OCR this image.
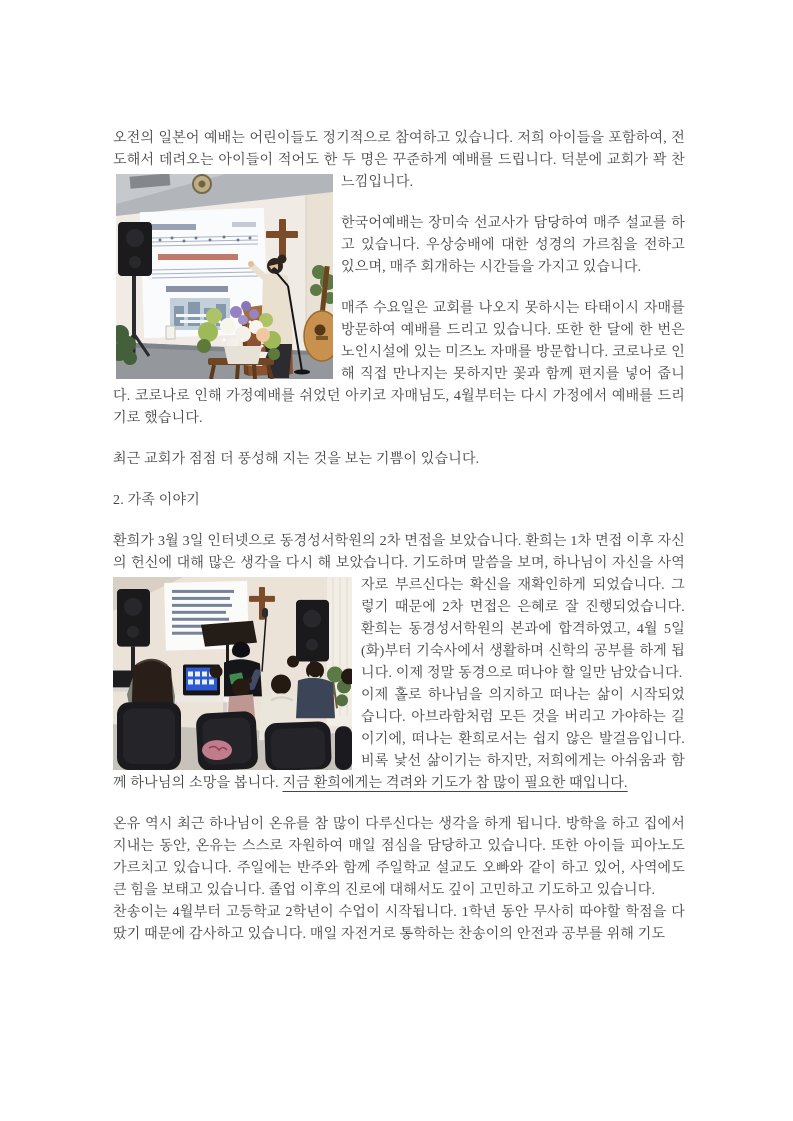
오전의 일본어 예배는 어린이들도 정기적으로 참여하고 있습니다. 저희 아이들을 포함하여, 전도해서 데려오는 아이들이 적어도 한 두 명은 꾸준하게 예배를 드립니다. 덕분에 교회가 꽉 찬 느낌입니다.

한국어예배는 장미숙 선교사가 담당하여 매주 설교를 하고 있습니다. 우상숭배에 대한 성경의 가르침을 전하고 있으며, 매주 회개하는 시간들을 가지고 있습니다.

매주 수요일은 교회를 나오지 못하시는 타태이시 자매를 방문하여 예배를 드리고 있습니다. 또한 한 달에 한 번은 노인시설에 있는 미즈노 자매를 방문합니다. 코로나로 인해 직접 만나지는 못하지만 꽃과 함께 편지를 넣어 줍니다. 코로나로 인해 가정예배를 쉬었던 아키코 자매님도, 4월부터는 다시 가정에서 예배를 드리기로 했습니다.

최근 교회가 점점 더 풍성해 지는 것을 보는 기쁨이 있습니다.

2. 가족 이야기

환희가 3월 3일 인터넷으로 동경성서학원의 2차 면접을 보았습니다. 환희는 1차 면접 이후 자신의 헌신에 대해 많은 생각을 다시 해 보았습니다. 기도하며 말씀을 보며, 하나님이 자신
을 사역자로 부르신다는 확신을 재확인하게 되었습니다. 그렇기 때문에 2차 면접은 은혜로 잘 진행되었습니다. 환희는 동경성서학원의 본과에 합격하였고, 4월 5일(화)부터 기숙사에서 생활하며 신학의 공부를 하게 됩니다. 이제 정말 동경으로 떠나야 할 일만 남았습니다.

이제 홀로 하나님을 의지하고 떠나는 삶이 시작되었습니다. 아브라함처럼 모든 것을 버리고 가야하는 길이기에, 떠나는 환희로서는 쉽지 않은 발걸음입니다. 비록 낯선 삶이기는 하지만, 저희에게는 아쉬움과 함께 하나님의 소망을 봅니다. 지금 환희에게는 격려와 기도가 참 많이 필요한 때입니다.

온유 역시 최근 하나님이 온유를 참 많이 다루신다는 생각을 하게 됩니다. 방학을 하고 집에서 지내는 동안, 온유는 스스로 자원하여 매일 점심을 담당하고 있습니다. 또한 아이들 피아노도 가르치고 있습니다. 주일에는 반주와 함께 주일학교 설교도 오빠와 같이 하고 있어, 사역에도 큰 힘을 보태고 있습니다. 졸업 이후의 진로에 대해서도 깊이 고민하고 기도하고 있습니다.

찬송이는 4월부터 고등학교 2학년이 수업이 시작됩니다. 1학년 동안 무사히 따야할 학점을 다 땄기 때문에 감사하고 있습니다. 매일 자전거로 통학하는 찬송이의 안전과 공부를 위해 기도
